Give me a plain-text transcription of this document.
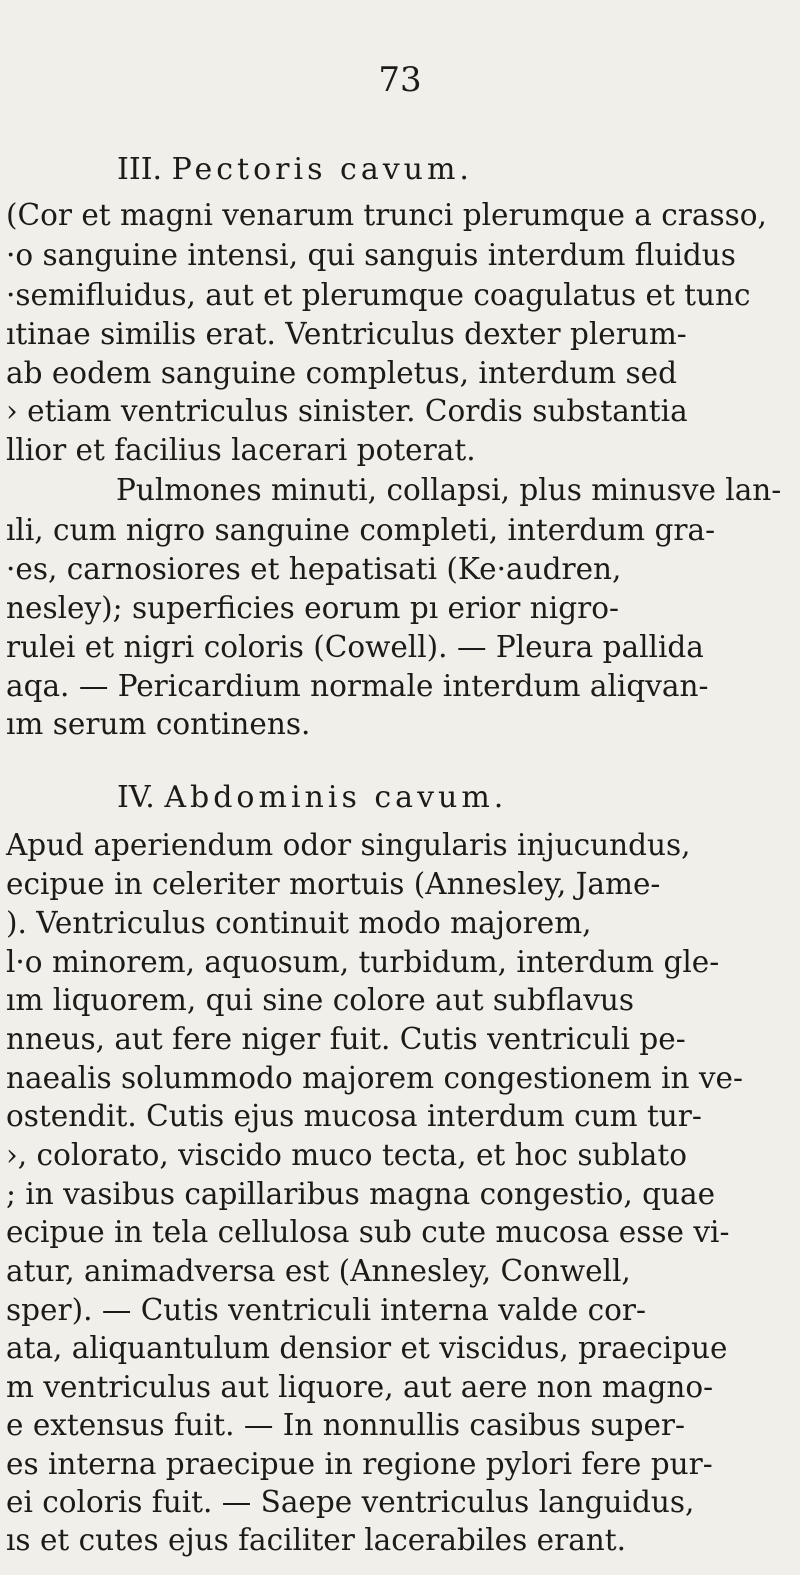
73
III. Pectoris cavum.
(Cor et magni venarum trunci plerumque a crasso,
·o sanguine intensi, qui sanguis interdum fluidus
·semifluidus, aut et plerumque coagulatus et tunc
ıtinae similis erat. Ventriculus dexter plerum-
ab eodem sanguine completus, interdum sed
› etiam ventriculus sinister. Cordis substantia
llior et facilius lacerari poterat.
Pulmones minuti, collapsi, plus minusve lan-
ıli, cum nigro sanguine completi, interdum gra-
·es, carnosiores et hepatisati (Ke·audren,
nesley); superficies eorum pı erior nigro-
rulei et nigri coloris (Cowell). — Pleura pallida
aqa. — Pericardium normale interdum aliqvan-
ım serum continens.
IV. Abdominis cavum.
Apud aperiendum odor singularis injucundus,
ecipue in celeriter mortuis (Annesley, Jame-
). Ventriculus continuit modo majorem,
l·o minorem, aquosum, turbidum, interdum gle-
ım liquorem, qui sine colore aut subflavus
nneus, aut fere niger fuit. Cutis ventriculi pe-
naealis solummodo majorem congestionem in ve-
ostendit. Cutis ejus mucosa interdum cum tur-
›, colorato, viscido muco tecta, et hoc sublato
; in vasibus capillaribus magna congestio, quae
ecipue in tela cellulosa sub cute mucosa esse vi-
atur, animadversa est (Annesley, Conwell,
sper). — Cutis ventriculi interna valde cor-
ata, aliquantulum densior et viscidus, praecipue
m ventriculus aut liquore, aut aere non magno-
e extensus fuit. — In nonnullis casibus super-
es interna praecipue in regione pylori fere pur-
ei coloris fuit. — Saepe ventriculus languidus,
ıs et cutes ejus faciliter lacerabiles erant.
